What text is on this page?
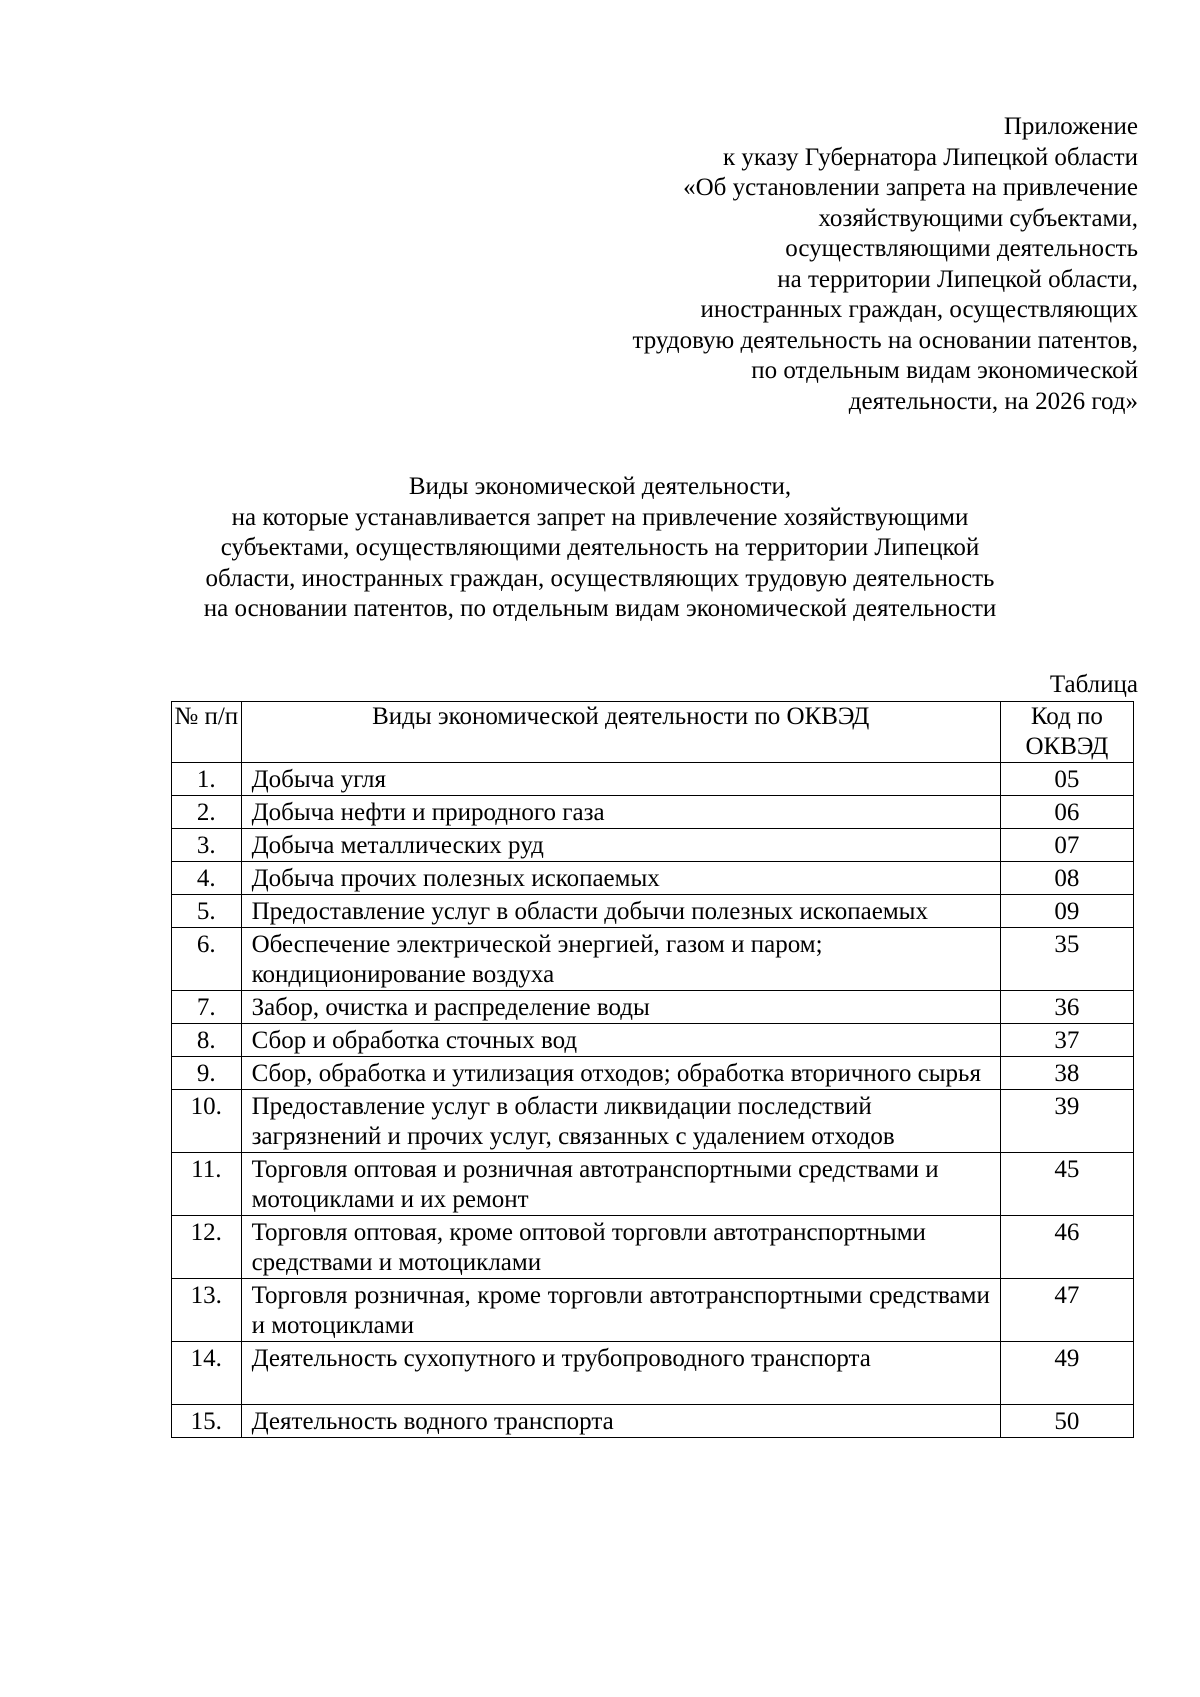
Приложение
к указу Губернатора Липецкой области
«Об установлении запрета на привлечение
хозяйствующими субъектами,
осуществляющими деятельность
на территории Липецкой области,
иностранных граждан, осуществляющих
трудовую деятельность на основании патентов,
по отдельным видам экономической
деятельности, на 2026 год»
Виды экономической деятельности,
на которые устанавливается запрет на привлечение хозяйствующими
субъектами, осуществляющими деятельность на территории Липецкой
области, иностранных граждан, осуществляющих трудовую деятельность
на основании патентов, по отдельным видам экономической деятельности
Таблица
№ п/п	Виды экономической деятельности по ОКВЭД	Код по ОКВЭД
1.	Добыча угля	05
2.	Добыча нефти и природного газа	06
3.	Добыча металлических руд	07
4.	Добыча прочих полезных ископаемых	08
5.	Предоставление услуг в области добычи полезных ископаемых	09
6.	Обеспечение электрической энергией, газом и паром; кондиционирование воздуха	35
7.	Забор, очистка и распределение воды	36
8.	Сбор и обработка сточных вод	37
9.	Сбор, обработка и утилизация отходов; обработка вторичного сырья	38
10.	Предоставление услуг в области ликвидации последствий загрязнений и прочих услуг, связанных с удалением отходов	39
11.	Торговля оптовая и розничная автотранспортными средствами и мотоциклами и их ремонт	45
12.	Торговля оптовая, кроме оптовой торговли автотранспортными средствами и мотоциклами	46
13.	Торговля розничная, кроме торговли автотранспортными средствами и мотоциклами	47
14.	Деятельность сухопутного и трубопроводного транспорта	49
15.	Деятельность водного транспорта	50
